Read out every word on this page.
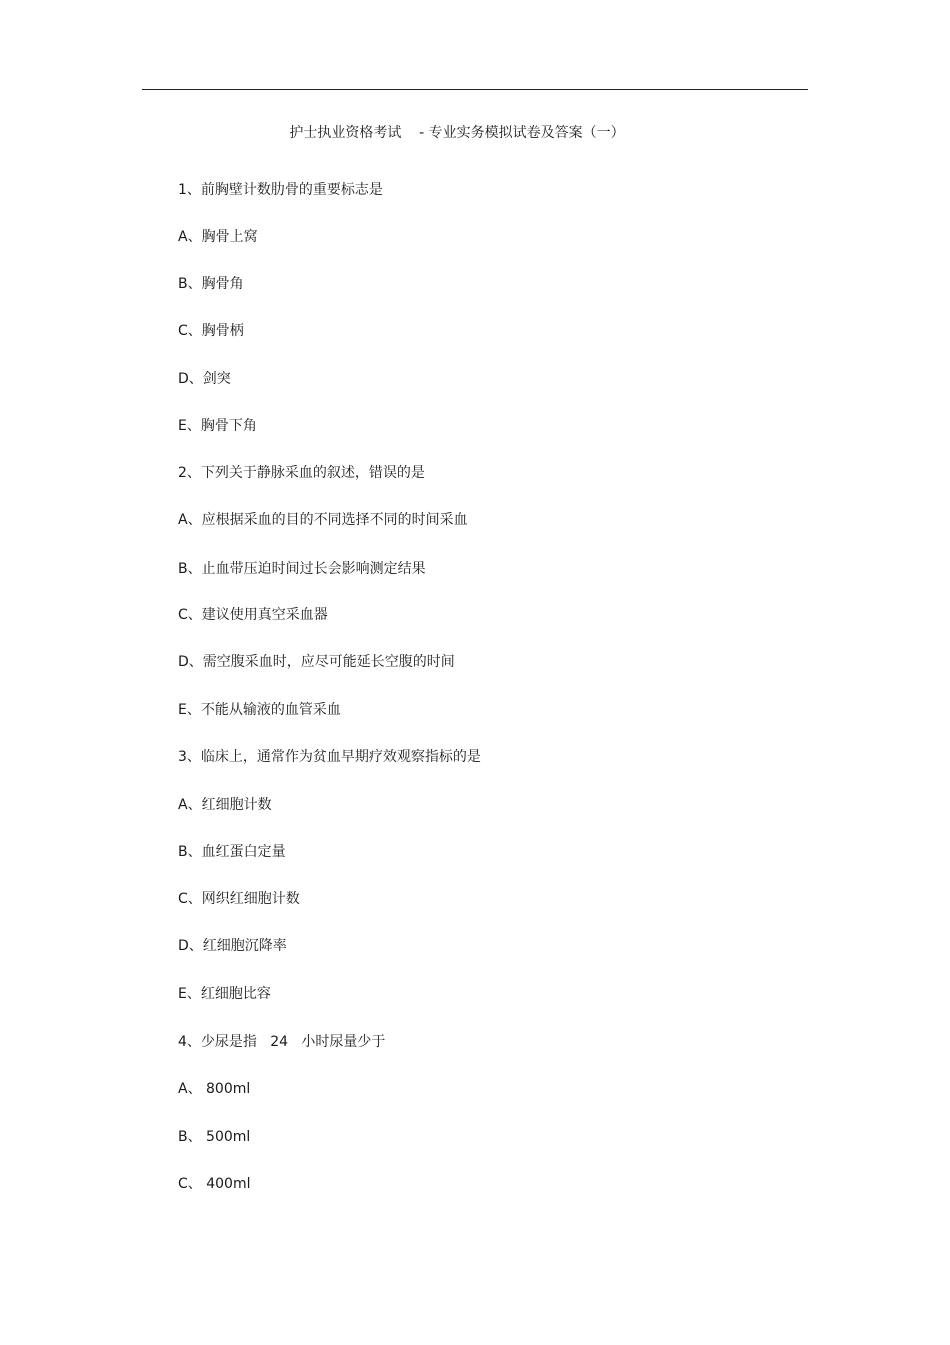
护士执业资格考试    - 专业实务模拟试卷及答案（一）
1、前胸壁计数肋骨的重要标志是
A、胸骨上窝
B、胸骨角
C、胸骨柄
D、剑突
E、胸骨下角
2、下列关于静脉采血的叙述，错误的是
A、应根据采血的目的不同选择不同的时间采血
B、止血带压迫时间过长会影响测定结果
C、建议使用真空采血器
D、需空腹采血时，应尽可能延长空腹的时间
E、不能从输液的血管采血
3、临床上，通常作为贫血早期疗效观察指标的是
A、红细胞计数
B、血红蛋白定量
C、网织红细胞计数
D、红细胞沉降率
E、红细胞比容
4、少尿是指   24   小时尿量少于
A、 800ml
B、 500ml
C、 400ml
